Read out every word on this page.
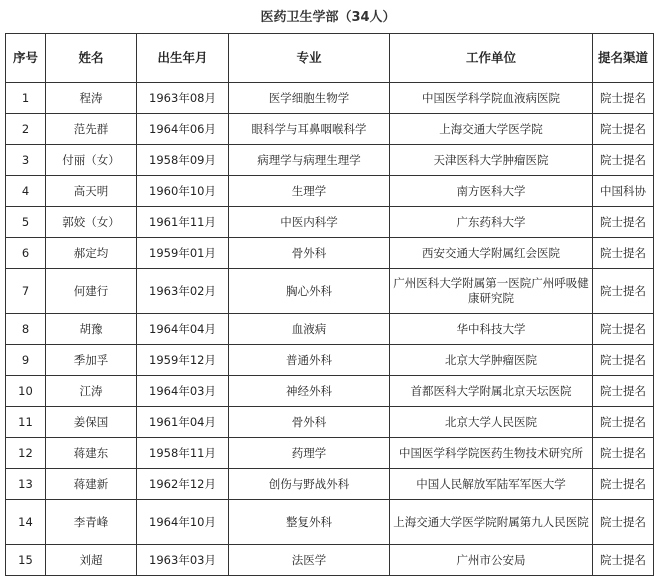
医药卫生学部（34人）
序号	姓名	出生年月	专业	工作单位	提名渠道
1	程涛	1963年08月	医学细胞生物学	中国医学科学院血液病医院	院士提名
2	范先群	1964年06月	眼科学与耳鼻咽喉科学	上海交通大学医学院	院士提名
3	付丽（女）	1958年09月	病理学与病理生理学	天津医科大学肿瘤医院	院士提名
4	高天明	1960年10月	生理学	南方医科大学	中国科协
5	郭姣（女）	1961年11月	中医内科学	广东药科大学	院士提名
6	郝定均	1959年01月	骨外科	西安交通大学附属红会医院	院士提名
7	何建行	1963年02月	胸心外科	广州医科大学附属第一医院广州呼吸健康研究院	院士提名
8	胡豫	1964年04月	血液病	华中科技大学	院士提名
9	季加孚	1959年12月	普通外科	北京大学肿瘤医院	院士提名
10	江涛	1964年03月	神经外科	首都医科大学附属北京天坛医院	院士提名
11	姜保国	1961年04月	骨外科	北京大学人民医院	院士提名
12	蒋建东	1958年11月	药理学	中国医学科学院医药生物技术研究所	院士提名
13	蒋建新	1962年12月	创伤与野战外科	中国人民解放军陆军军医大学	院士提名
14	李青峰	1964年10月	整复外科	上海交通大学医学院附属第九人民医院	院士提名
15	刘超	1963年03月	法医学	广州市公安局	院士提名
